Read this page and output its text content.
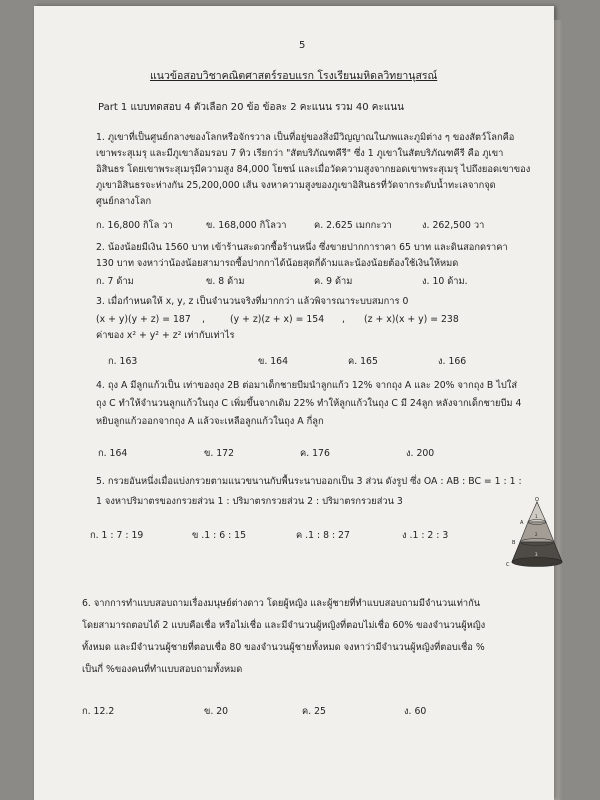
5
แนวข้อสอบวิชาคณิตศาสตร์รอบแรก โรงเรียนมหิดลวิทยานุสรณ์
Part 1 แบบทดสอบ 4 ตัวเลือก 20 ข้อ ข้อละ 2 คะแนน รวม 40 คะแนน
1. ภูเขาที่เป็นศูนย์กลางของโลกหรือจักรวาล เป็นที่อยู่ของสิ่งมีวิญญาณในภพและภูมิต่าง ๆ ของสัตว์โลกคือ
เขาพระสุเมรุ และมีภูเขาล้อมรอบ 7 ทิว เรียกว่า "สัตบริภัณฑคีรี" ซึ่ง 1 ภูเขาในสัตบริภัณฑคีรี คือ ภูเขา
อิสินธร โดยเขาพระสุเมรุมีความสูง 84,000 โยชน์ และเมื่อวัดความสูงจากยอดเขาพระสุเมรุ ไปถึงยอดเขาของ
ภูเขาอิสินธรจะห่างกัน 25,200,000 เส้น จงหาความสูงของภูเขาอิสินธรที่วัดจากระดับน้ำทะเลจากจุด
ศูนย์กลางโลก
ก. 16,800 กิโล วา	ข. 168,000 กิโลวา	ค. 2.625 เมกกะวา	ง. 262,500 วา
2. น้องน้อยมีเงิน 1560 บาท เข้าร้านสะดวกซื้อร้านหนึ่ง ซึ่งขายปากการาคา 65 บาท และดินสอกดราคา
130 บาท จงหาว่าน้องน้อยสามารถซื้อปากกาได้น้อยสุดกี่ด้ามและน้องน้อยต้องใช้เงินให้หมด
ก. 7 ด้าม	ข. 8 ด้าม	ค. 9 ด้าม	ง. 10 ด้าม.
3. เมื่อกำหนดให้ x, y, z เป็นจำนวนจริงที่มากกว่า แล้วพิจารณาระบบสมการ 0
(x + y)(y + z) = 187 ,	(y + z)(z + x) = 154 , (z + x)(x + y) = 238
ค่าของ x² + y² + z² เท่ากับเท่าไร
ก. 163	ข. 164	ค. 165	ง. 166
4. ถุง A มีลูกแก้วเป็น เท่าของถุง 2B ต่อมาเด็กชายบีมนำลูกแก้ว 12% จากถุง A และ 20% จากถุง B ไปใส่
ถุง C ทำให้จำนวนลูกแก้วในถุง C เพิ่มขึ้นจากเดิม 22% ทำให้ลูกแก้วในถุง C มี 24ลูก หลังจากเด็กชายบีม 4
หยิบลูกแก้วออกจากถุง A แล้วจะเหลือลูกแก้วในถุง A กี่ลูก
ก. 164	ข. 172	ค. 176	ง. 200
5. กรวยอันหนึ่งเมื่อแบ่งกรวยตามแนวขนานกับพื้นระนาบออกเป็น 3 ส่วน ดังรูป ซึ่ง OA : AB : BC = 1 : 1 :
1 จงหาปริมาตรของกรวยส่วน 1 : ปริมาตรกรวยส่วน 2 : ปริมาตรกรวยส่วน 3
ก. 1 : 7 : 19	ข .1 : 6 : 15	ค .1 : 8 : 27	ง .1 : 2 : 3
O
A
B
C
1
2
3
6. จากการทำแบบสอบถามเรื่องมนุษย์ต่างดาว โดยผู้หญิง และผู้ชายที่ทำแบบสอบถามมีจำนวนเท่ากัน
โดยสามารถตอบได้ 2 แบบคือเชื่อ หรือไม่เชื่อ และมีจำนวนผู้หญิงที่ตอบไม่เชื่อ 60% ของจำนวนผู้หญิง
ทั้งหมด และมีจำนวนผู้ชายที่ตอบเชื่อ 80 ของจำนวนผู้ชายทั้งหมด จงหาว่ามีจำนวนผู้หญิงที่ตอบเชื่อ %
เป็นกี่ %ของคนที่ทำแบบสอบถามทั้งหมด
ก. 12.2	ข. 20	ค. 25	ง. 60
